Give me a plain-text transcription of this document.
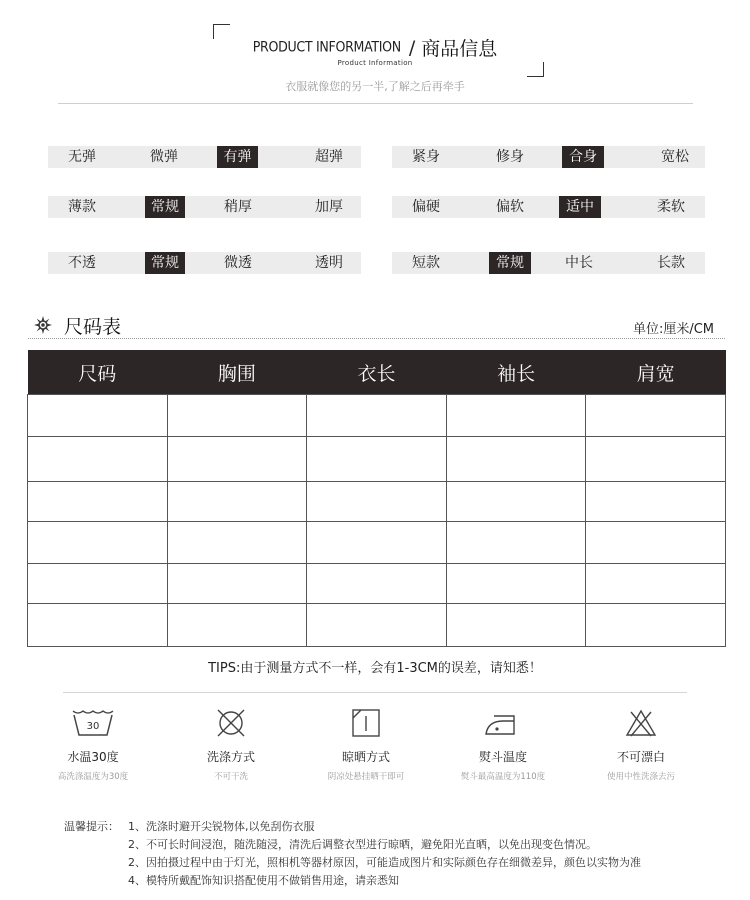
PRODUCT INFORMATION / 商品信息
Product Information
衣服就像您的另一半,了解之后再牵手
无弹	微弹	有弹	超弹
薄款	常规	稍厚	加厚
不透	常规	微透	透明
紧身	修身	合身	宽松
偏硬	偏软	适中	柔软
短款	常规	中长	长款
尺码表	单位:厘米/CM
尺码	胸围	衣长	袖长	肩宽

TIPS:由于测量方式不一样，会有1-3CM的误差，请知悉！
30
水温30度
高洗涤温度为30度
洗涤方式
不可干洗
晾晒方式
阴凉处悬挂晒干即可
熨斗温度
熨斗最高温度为110度
不可漂白
使用中性洗涤去污
温馨提示： 1、洗涤时避开尖锐物体,以免刮伤衣服
2、不可长时间浸泡，随洗随浸，清洗后调整衣型进行晾晒，避免阳光直晒，以免出现变色情况。
2、因拍摄过程中由于灯光，照相机等器材原因，可能造成图片和实际颜色存在细微差异，颜色以实物为准
4、模特所戴配饰知识搭配使用不做销售用途，请亲悉知
